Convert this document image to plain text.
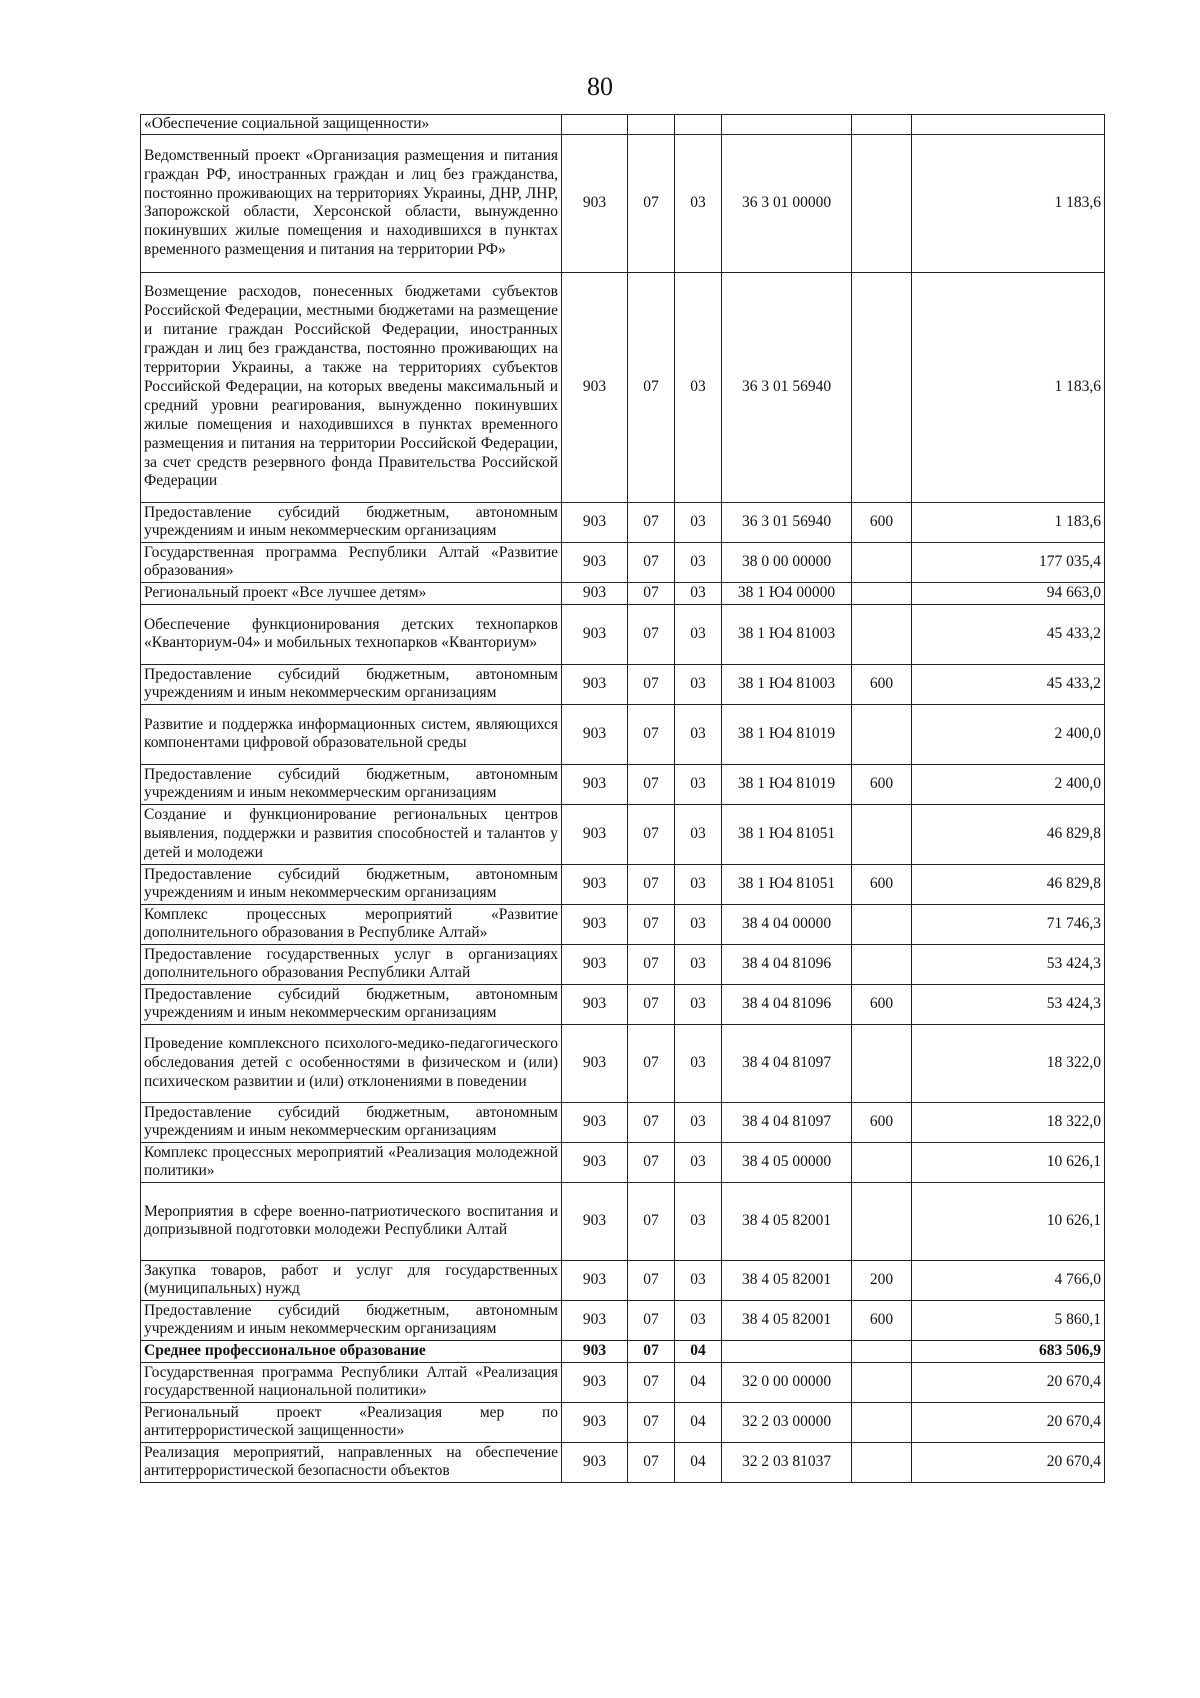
80
«Обеспечение социальной защищенности»						
Ведомственный проект «Организация размещения и питания граждан РФ, иностранных граждан и лиц без гражданства, постоянно проживающих на территориях Украины, ДНР, ЛНР, Запорожской области, Херсонской области, вынужденно покинувших жилые помещения и находившихся в пунктах временного размещения и питания на территории РФ»	903	07	03	36 3 01 00000		1 183,6
Возмещение расходов, понесенных бюджетами субъектов Российской Федерации, местными бюджетами на размещение и питание граждан Российской Федерации, иностранных граждан и лиц без гражданства, постоянно проживающих на территории Украины, а также на территориях субъектов Российской Федерации, на которых введены максимальный и средний уровни реагирования, вынужденно покинувших жилые помещения и находившихся в пунктах временного размещения и питания на территории Российской Федерации, за счет средств резервного фонда Правительства Российской Федерации	903	07	03	36 3 01 56940		1 183,6
Предоставление субсидий бюджетным, автономным учреждениям и иным некоммерческим организациям	903	07	03	36 3 01 56940	600	1 183,6
Государственная программа Республики Алтай «Развитие образования»	903	07	03	38 0 00 00000		177 035,4
Региональный проект «Все лучшее детям»	903	07	03	38 1 Ю4 00000		94 663,0
Обеспечение функционирования детских технопарков «Кванториум-04» и мобильных технопарков «Кванториум»	903	07	03	38 1 Ю4 81003		45 433,2
Предоставление субсидий бюджетным, автономным учреждениям и иным некоммерческим организациям	903	07	03	38 1 Ю4 81003	600	45 433,2
Развитие и поддержка информационных систем, являющихся компонентами цифровой образовательной среды	903	07	03	38 1 Ю4 81019		2 400,0
Предоставление субсидий бюджетным, автономным учреждениям и иным некоммерческим организациям	903	07	03	38 1 Ю4 81019	600	2 400,0
Создание и функционирование региональных центров выявления, поддержки и развития способностей и талантов у детей и молодежи	903	07	03	38 1 Ю4 81051		46 829,8
Предоставление субсидий бюджетным, автономным учреждениям и иным некоммерческим организациям	903	07	03	38 1 Ю4 81051	600	46 829,8
Комплекс процессных мероприятий «Развитие дополнительного образования в Республике Алтай»	903	07	03	38 4 04 00000		71 746,3
Предоставление государственных услуг в организациях дополнительного образования Республики Алтай	903	07	03	38 4 04 81096		53 424,3
Предоставление субсидий бюджетным, автономным учреждениям и иным некоммерческим организациям	903	07	03	38 4 04 81096	600	53 424,3
Проведение комплексного психолого-медико-педагогического обследования детей с особенностями в физическом и (или) психическом развитии и (или) отклонениями в поведении	903	07	03	38 4 04 81097		18 322,0
Предоставление субсидий бюджетным, автономным учреждениям и иным некоммерческим организациям	903	07	03	38 4 04 81097	600	18 322,0
Комплекс процессных мероприятий «Реализация молодежной политики»	903	07	03	38 4 05 00000		10 626,1
Мероприятия в сфере военно-патриотического воспитания и допризывной подготовки молодежи Республики Алтай	903	07	03	38 4 05 82001		10 626,1
Закупка товаров, работ и услуг для государственных (муниципальных) нужд	903	07	03	38 4 05 82001	200	4 766,0
Предоставление субсидий бюджетным, автономным учреждениям и иным некоммерческим организациям	903	07	03	38 4 05 82001	600	5 860,1
Среднее профессиональное образование	903	07	04			683 506,9
Государственная программа Республики Алтай «Реализация государственной национальной политики»	903	07	04	32 0 00 00000		20 670,4
Региональный проект «Реализация мер по антитеррористической защищенности»	903	07	04	32 2 03 00000		20 670,4
Реализация мероприятий, направленных на обеспечение антитеррористической безопасности объектов	903	07	04	32 2 03 81037		20 670,4
